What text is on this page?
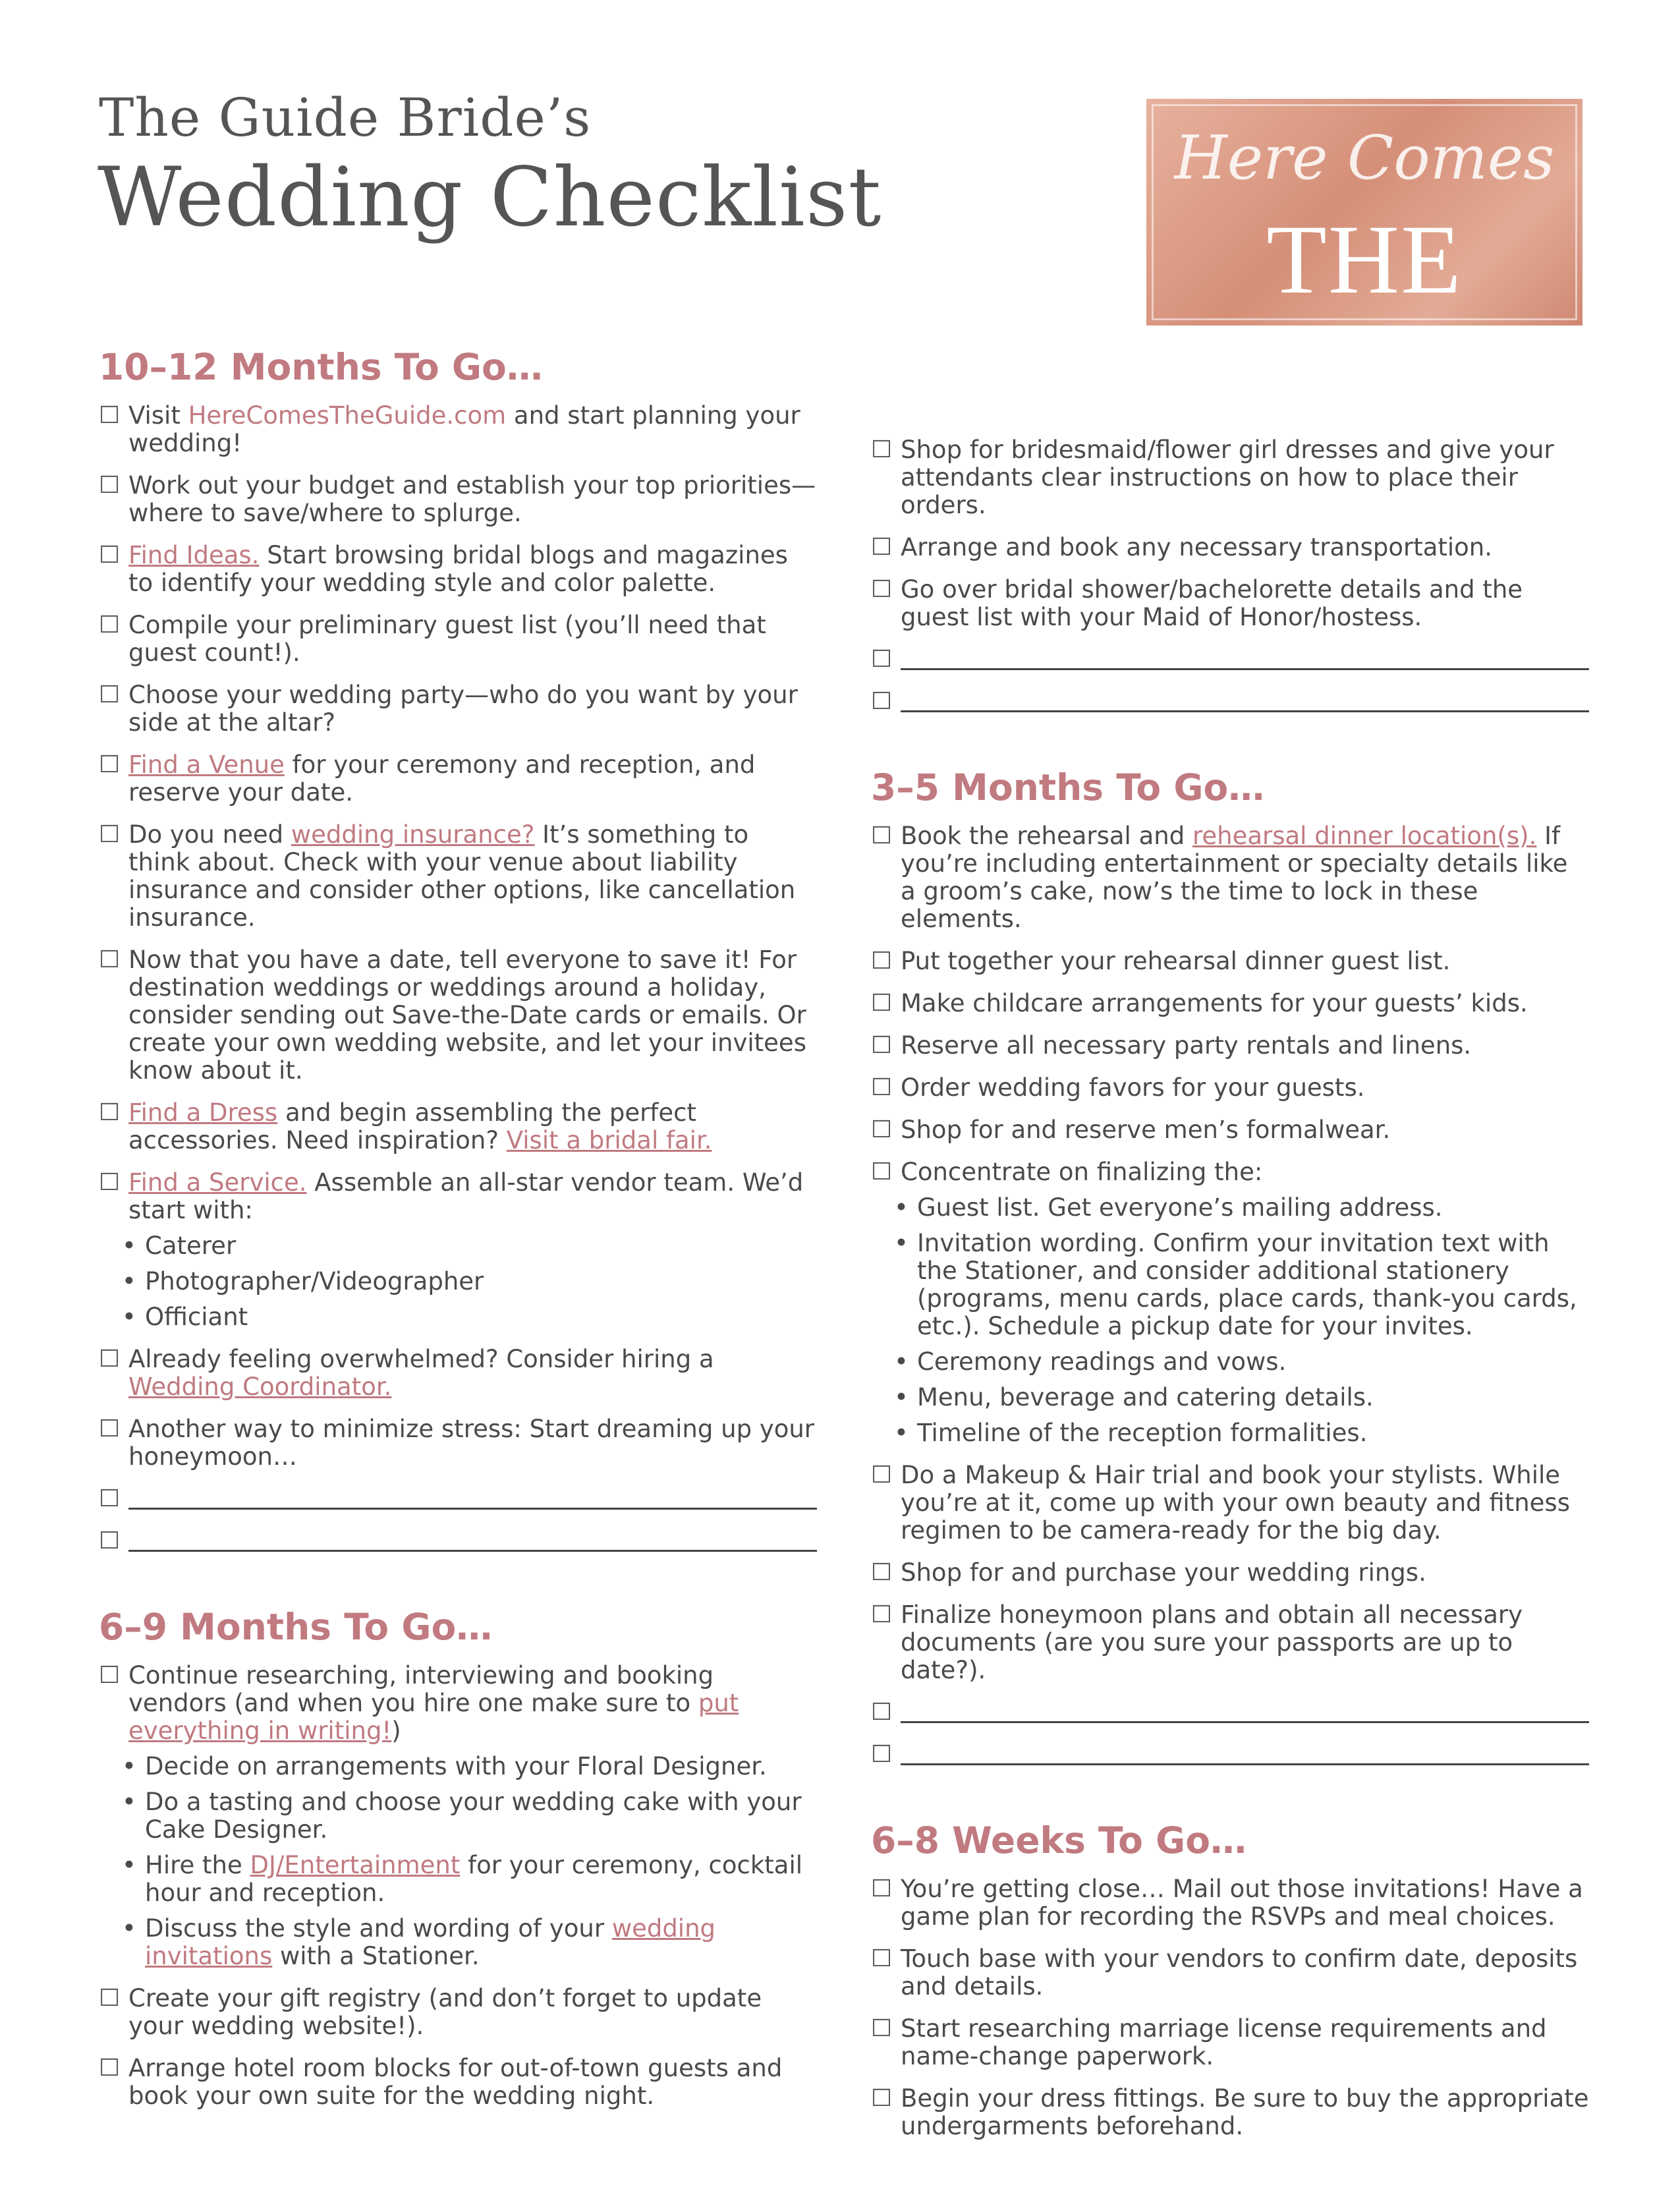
The Guide Bride’s
Wedding Checklist	Here Comes
THE GUIDE
10–12 Months To Go…
☐ Visit HereComesTheGuide.com and start planning your wedding!
☐ Work out your budget and establish your top priorities—where to save/where to splurge.
☐ Find Ideas. Start browsing bridal blogs and magazines to identify your wedding style and color palette.
☐ Compile your preliminary guest list (you’ll need that guest count!).
☐ Choose your wedding party—who do you want by your side at the altar?
☐ Find a Venue for your ceremony and reception, and reserve your date.
☐ Do you need wedding insurance? It’s something to think about. Check with your venue about liability insurance and consider other options, like cancellation insurance.
☐ Now that you have a date, tell everyone to save it! For destination weddings or weddings around a holiday, consider sending out Save-the-Date cards or emails. Or create your own wedding website, and let your invitees know about it.
☐ Find a Dress and begin assembling the perfect accessories. Need inspiration? Visit a bridal fair.
☐ Find a Service. Assemble an all-star vendor team. We’d start with:
• Caterer
• Photographer/Videographer
• Officiant
☐ Already feeling overwhelmed? Consider hiring a Wedding Coordinator.
☐ Another way to minimize stress: Start dreaming up your honeymoon…
☐
☐
6–9 Months To Go…
☐ Continue researching, interviewing and booking vendors (and when you hire one make sure to put everything in writing!)
• Decide on arrangements with your Floral Designer.
• Do a tasting and choose your wedding cake with your Cake Designer.
• Hire the DJ/Entertainment for your ceremony, cocktail hour and reception.
• Discuss the style and wording of your wedding invitations with a Stationer.
☐ Create your gift registry (and don’t forget to update your wedding website!).
☐ Arrange hotel room blocks for out-of-town guests and book your own suite for the wedding night.
☐ Shop for bridesmaid/flower girl dresses and give your attendants clear instructions on how to place their orders.
☐ Arrange and book any necessary transportation.
☐ Go over bridal shower/bachelorette details and the guest list with your Maid of Honor/hostess.
☐
☐
3–5 Months To Go…
☐ Book the rehearsal and rehearsal dinner location(s). If you’re including entertainment or specialty details like a groom’s cake, now’s the time to lock in these elements.
☐ Put together your rehearsal dinner guest list.
☐ Make childcare arrangements for your guests’ kids.
☐ Reserve all necessary party rentals and linens.
☐ Order wedding favors for your guests.
☐ Shop for and reserve men’s formalwear.
☐ Concentrate on finalizing the:
• Guest list. Get everyone’s mailing address.
• Invitation wording. Confirm your invitation text with the Stationer, and consider additional stationery (programs, menu cards, place cards, thank-you cards, etc.). Schedule a pickup date for your invites.
• Ceremony readings and vows.
• Menu, beverage and catering details.
• Timeline of the reception formalities.
☐ Do a Makeup & Hair trial and book your stylists. While you’re at it, come up with your own beauty and fitness regimen to be camera-ready for the big day.
☐ Shop for and purchase your wedding rings.
☐ Finalize honeymoon plans and obtain all necessary documents (are you sure your passports are up to date?).
☐
☐
6–8 Weeks To Go…
☐ You’re getting close… Mail out those invitations! Have a game plan for recording the RSVPs and meal choices.
☐ Touch base with your vendors to confirm date, deposits and details.
☐ Start researching marriage license requirements and name-change paperwork.
☐ Begin your dress fittings. Be sure to buy the appropriate undergarments beforehand.
